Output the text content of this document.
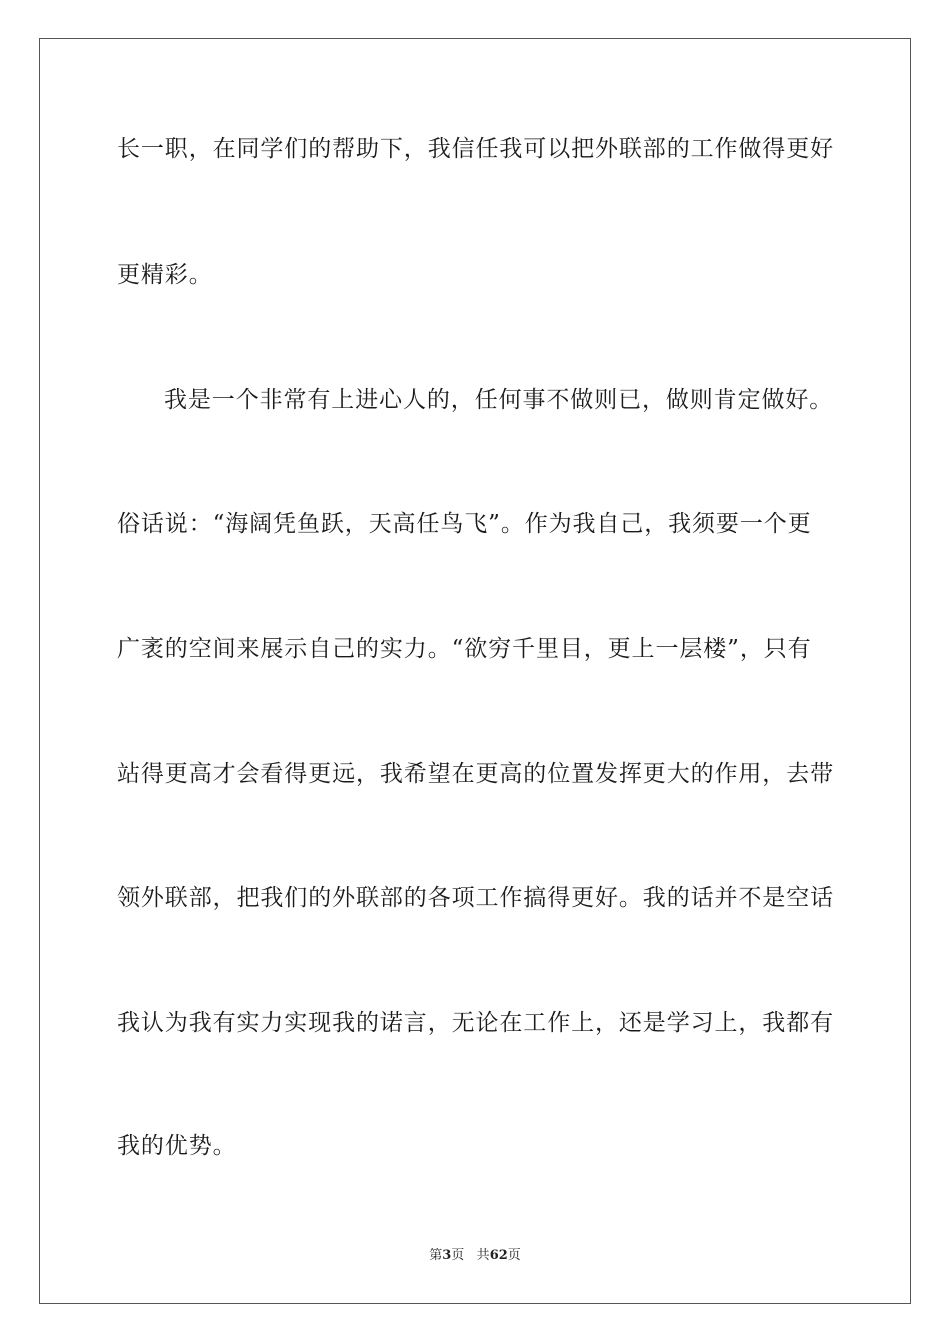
长一职，在同学们的帮助下，我信任我可以把外联部的工作做得更好
更精彩。
我是一个非常有上进心人的，任何事不做则已，做则肯定做好。
俗话说：“海阔凭鱼跃，天高任鸟飞”。作为我自己，我须要一个更
广袤的空间来展示自己的实力。“欲穷千里目，更上一层楼”，只有
站得更高才会看得更远，我希望在更高的位置发挥更大的作用，去带
领外联部，把我们的外联部的各项工作搞得更好。我的话并不是空话
我认为我有实力实现我的诺言，无论在工作上，还是学习上，我都有
我的优势。
第3页 共62页
